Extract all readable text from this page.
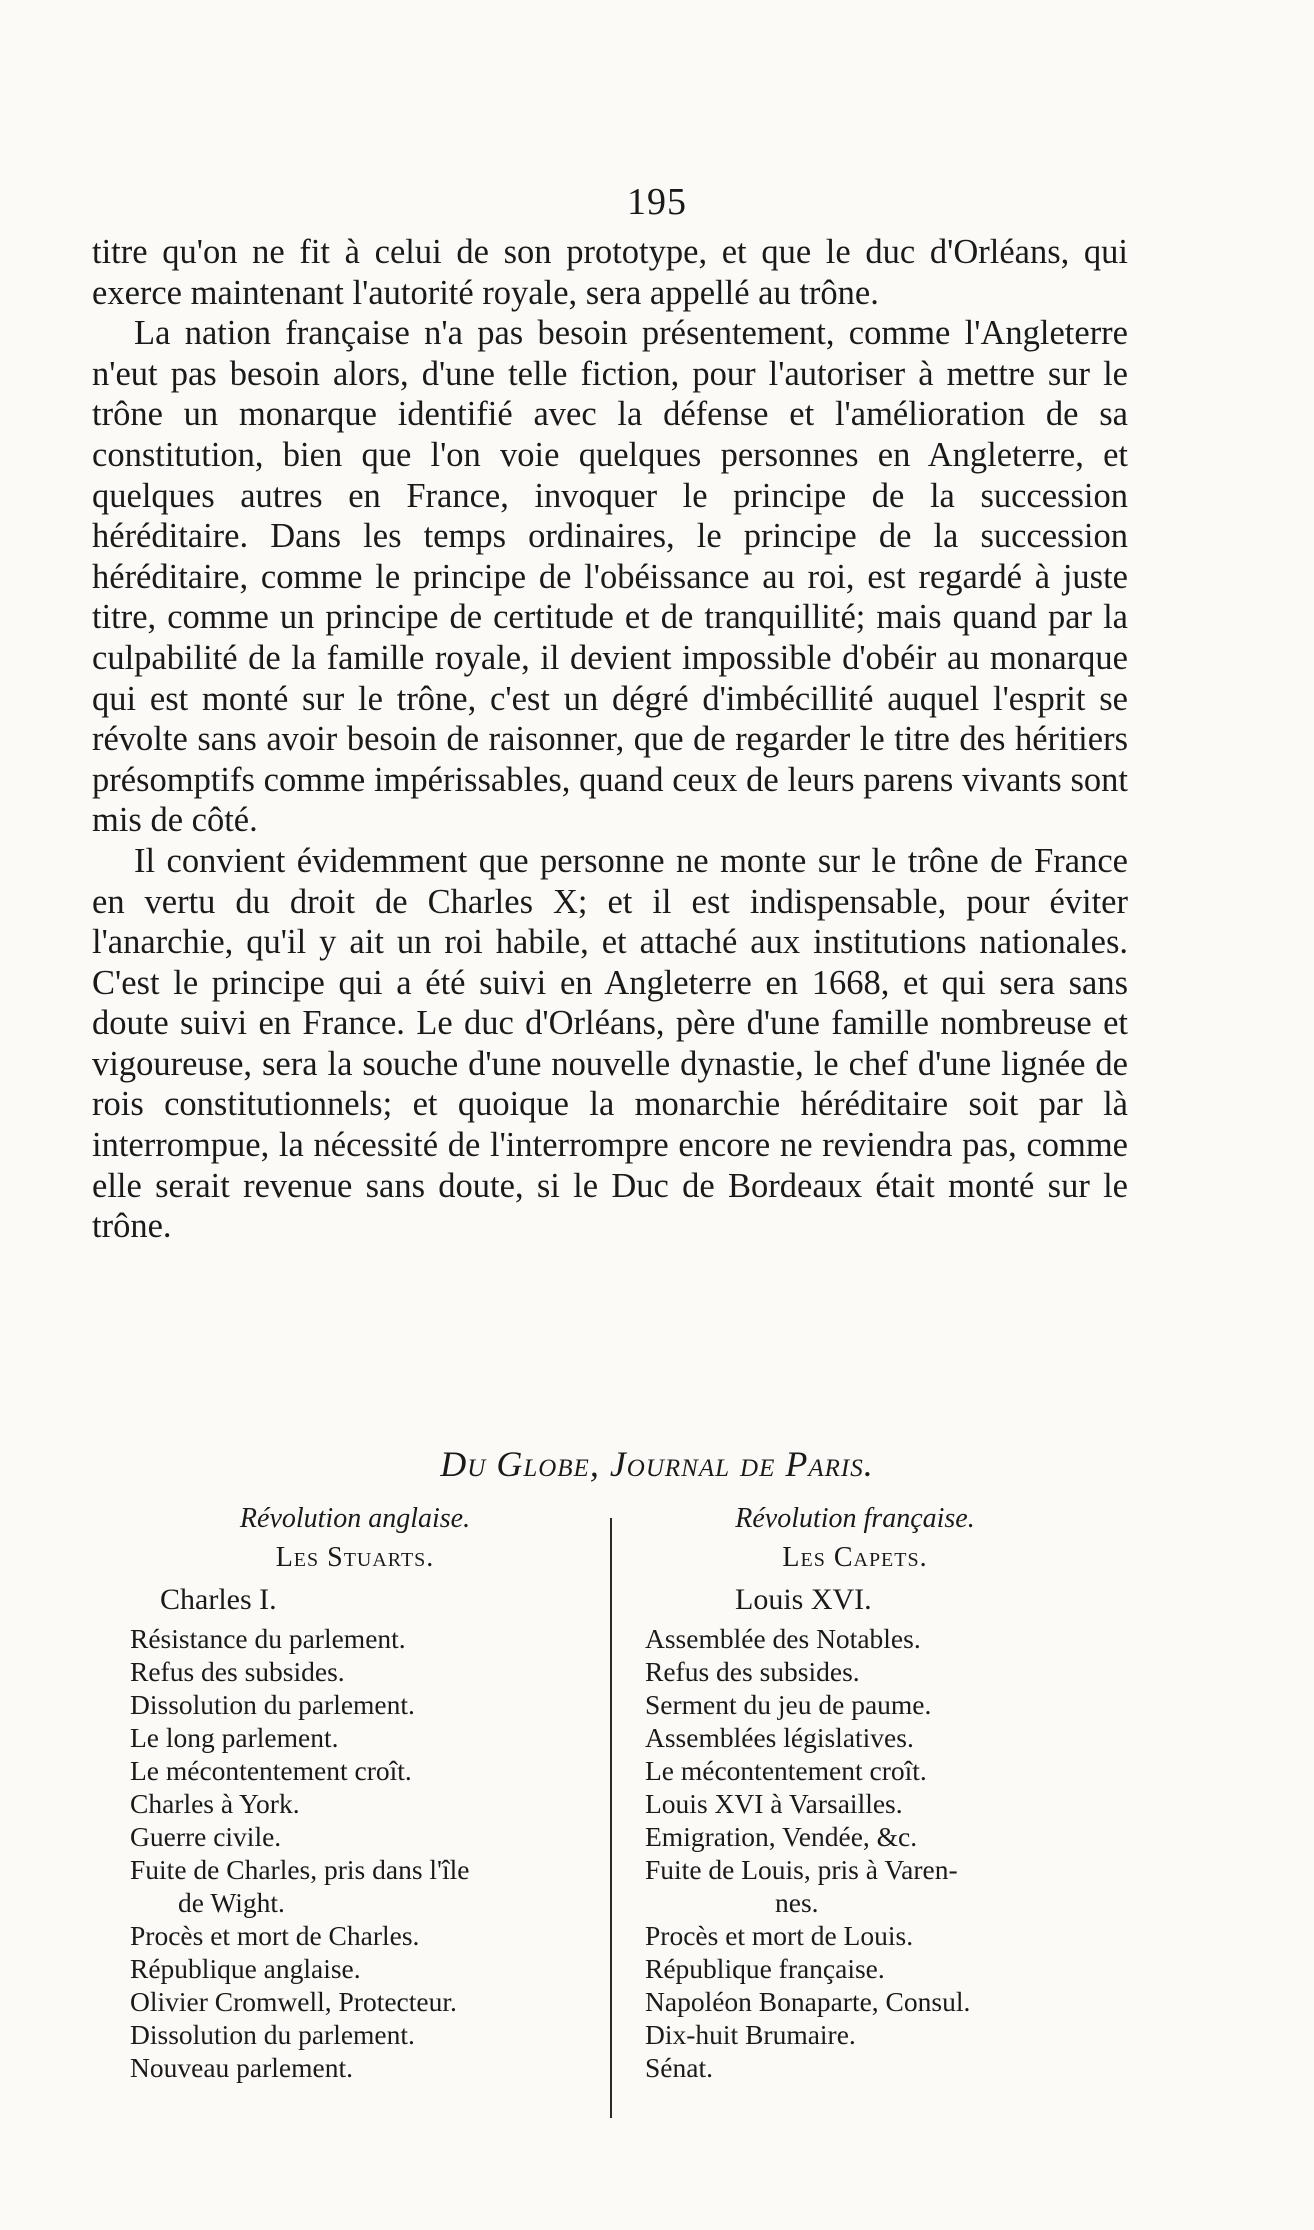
195

titre qu'on ne fit à celui de son prototype, et que le duc d'Orléans, qui exerce maintenant l'autorité royale, sera appellé au trône.

La nation française n'a pas besoin présentement, comme l'Angleterre n'eut pas besoin alors, d'une telle fiction, pour l'autoriser à mettre sur le trône un monarque identifié avec la défense et l'amélioration de sa constitution, bien que l'on voie quelques personnes en Angleterre, et quelques autres en France, invoquer le principe de la succession héréditaire. Dans les temps ordinaires, le principe de la succession héréditaire, comme le principe de l'obéissance au roi, est regardé à juste titre, comme un principe de certitude et de tranquillité; mais quand par la culpabilité de la famille royale, il devient impossible d'obéir au monarque qui est monté sur le trône, c'est un dégré d'imbécillité auquel l'esprit se révolte sans avoir besoin de raisonner, que de regarder le titre des héritiers présomptifs comme impérissables, quand ceux de leurs parens vivants sont mis de côté.

Il convient évidemment que personne ne monte sur le trône de France en vertu du droit de Charles X; et il est indispensable, pour éviter l'anarchie, qu'il y ait un roi habile, et attaché aux institutions nationales. C'est le principe qui a été suivi en Angleterre en 1668, et qui sera sans doute suivi en France. Le duc d'Orléans, père d'une famille nombreuse et vigoureuse, sera la souche d'une nouvelle dynastie, le chef d'une lignée de rois constitutionnels; et quoique la monarchie héréditaire soit par là interrompue, la nécessité de l'interrompre encore ne reviendra pas, comme elle serait revenue sans doute, si le Duc de Bordeaux était monté sur le trône.

Du Globe, Journal de Paris.
Révolution anglaise.
Les Stuarts.
Charles I.
Résistance du parlement.
Refus des subsides.
Dissolution du parlement.
Le long parlement.
Le mécontentement croît.
Charles à York.
Guerre civile.
Fuite de Charles, pris dans l'île
de Wight.
Procès et mort de Charles.
République anglaise.
Olivier Cromwell, Protecteur.
Dissolution du parlement.
Nouveau parlement.
Révolution française.
Les Capets.
Louis XVI.
Assemblée des Notables.
Refus des subsides.
Serment du jeu de paume.
Assemblées législatives.
Le mécontentement croît.
Louis XVI à Varsailles.
Emigration, Vendée, &c.
Fuite de Louis, pris à Varen-
nes.
Procès et mort de Louis.
République française.
Napoléon Bonaparte, Consul.
Dix-huit Brumaire.
Sénat.
